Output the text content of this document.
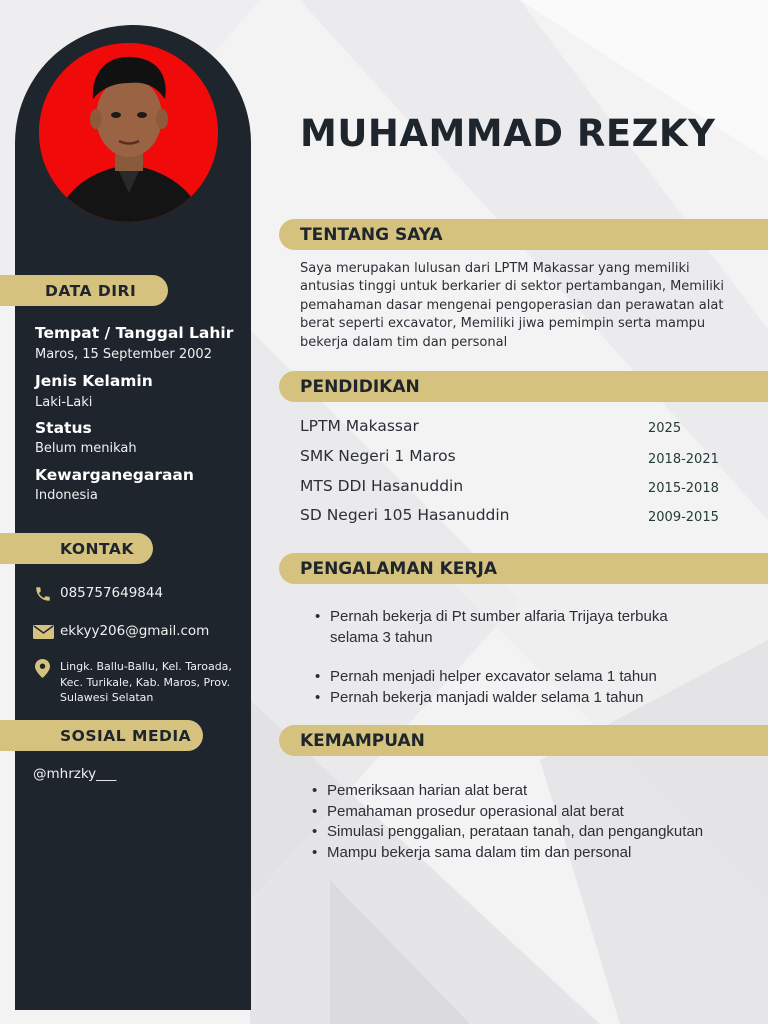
DATA DIRI
Tempat / Tanggal Lahir
Maros, 15 September 2002
Jenis Kelamin
Laki-Laki
Status
Belum menikah
Kewarganegaraan
Indonesia
KONTAK
085757649844
ekkyy206@gmail.com
Lingk. Ballu-Ballu, Kel. Taroada,
Kec. Turikale, Kab. Maros, Prov.
Sulawesi Selatan
SOSIAL MEDIA
@mhrzky___
MUHAMMAD REZKY
TENTANG SAYA
Saya merupakan lulusan dari LPTM Makassar yang memiliki
antusias tinggi untuk berkarier di sektor pertambangan, Memiliki
pemahaman dasar mengenai pengoperasian dan perawatan alat
berat seperti excavator, Memiliki jiwa pemimpin serta mampu
bekerja dalam tim dan personal
PENDIDIKAN
LPTM Makassar	2025
SMK Negeri 1 Maros	2018-2021
MTS DDI Hasanuddin	2015-2018
SD Negeri 105 Hasanuddin	2009-2015
PENGALAMAN KERJA
• Pernah bekerja di Pt sumber alfaria Trijaya terbuka selama 3 tahun
• Pernah menjadi helper excavator selama 1 tahun
• Pernah bekerja manjadi walder selama 1 tahun
KEMAMPUAN
• Pemeriksaan harian alat berat
• Pemahaman prosedur operasional alat berat
• Simulasi penggalian, perataan tanah, dan pengangkutan
• Mampu bekerja sama dalam tim dan personal
